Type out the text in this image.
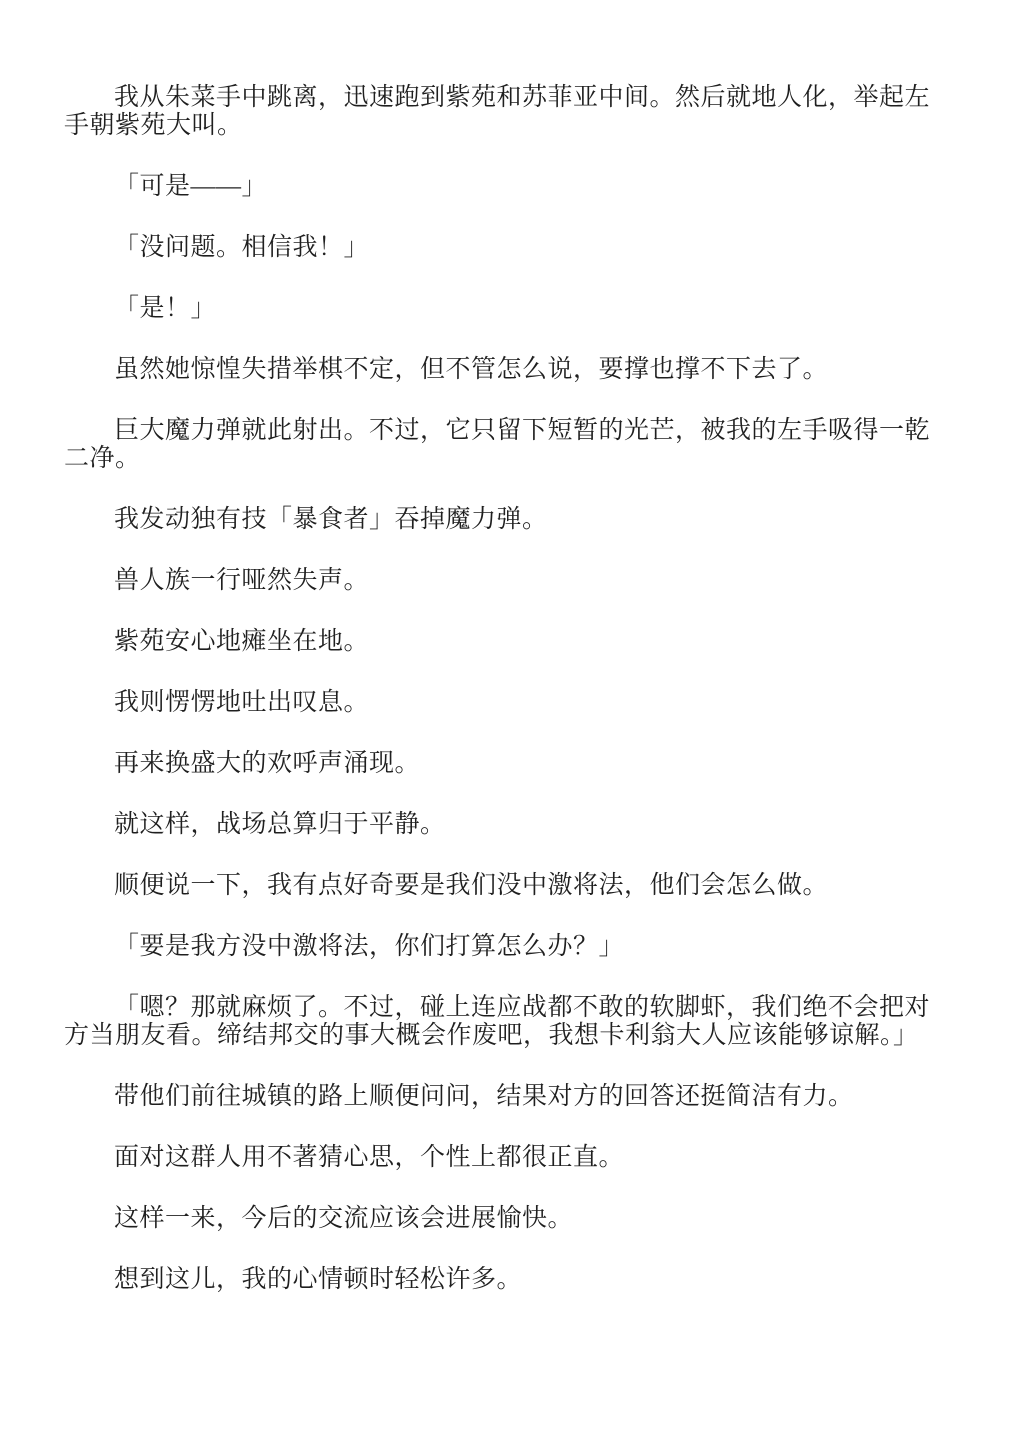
我从朱菜手中跳离，迅速跑到紫苑和苏菲亚中间。然后就地人化，举起左手朝紫苑大叫。

「可是——」

「没问题。相信我！」

「是！」

虽然她惊惶失措举棋不定，但不管怎么说，要撑也撑不下去了。

巨大魔力弹就此射出。不过，它只留下短暂的光芒，被我的左手吸得一乾二净。

我发动独有技「暴食者」吞掉魔力弹。

兽人族一行哑然失声。

紫苑安心地瘫坐在地。

我则愣愣地吐出叹息。

再来换盛大的欢呼声涌现。

就这样，战场总算归于平静。

顺便说一下，我有点好奇要是我们没中激将法，他们会怎么做。

「要是我方没中激将法，你们打算怎么办？」

「嗯？那就麻烦了。不过，碰上连应战都不敢的软脚虾，我们绝不会把对方当朋友看。缔结邦交的事大概会作废吧，我想卡利翁大人应该能够谅解。」

带他们前往城镇的路上顺便问问，结果对方的回答还挺简洁有力。

面对这群人用不著猜心思，个性上都很正直。

这样一来，今后的交流应该会进展愉快。

想到这儿，我的心情顿时轻松许多。
